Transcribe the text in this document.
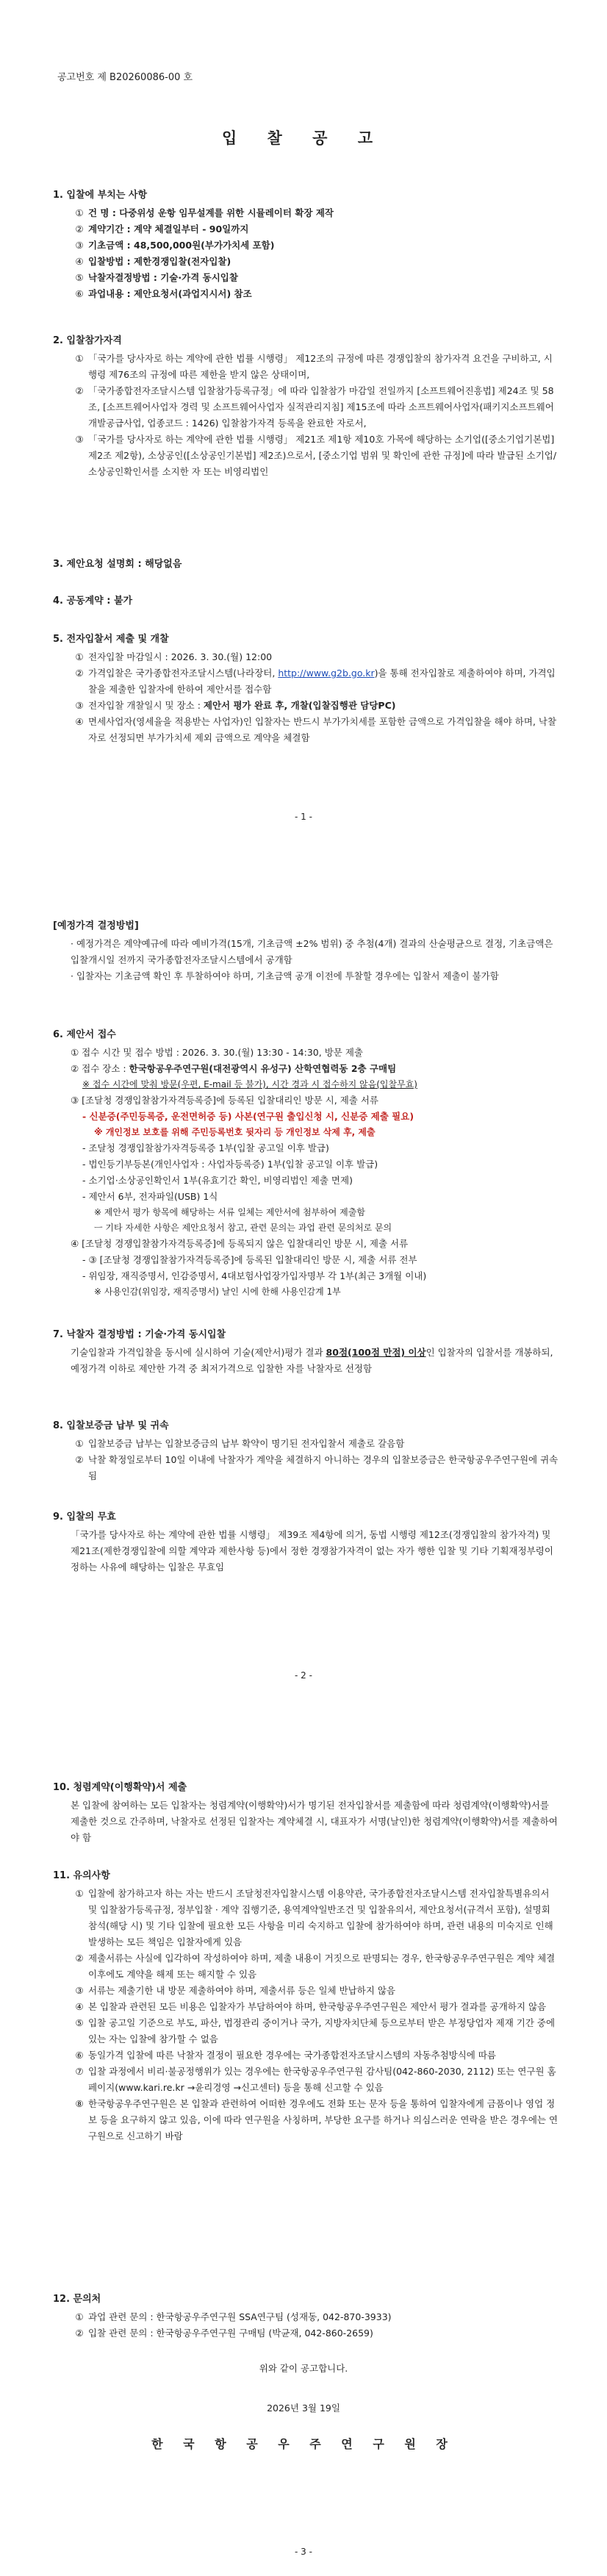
공고번호 제 B20260086-00 호
입 찰 공 고
1. 입찰에 부치는 사항
① 건 명 : 다중위성 운항 임무설계를 위한 시뮬레이터 확장 제작
② 계약기간 : 계약 체결일부터 - 90일까지
③ 기초금액 : 48,500,000원(부가가치세 포함)
④ 입찰방법 : 제한경쟁입찰(전자입찰)
⑤ 낙찰자결정방법 : 기술·가격 동시입찰
⑥ 과업내용 : 제안요청서(과업지시서) 참조
2. 입찰참가자격
① 「국가를 당사자로 하는 계약에 관한 법률 시행령」 제12조의 규정에 따른 경쟁입찰의 참가자격 요건을 구비하고, 시행령 제76조의 규정에 따른 제한을 받지 않은 상태이며,
② 「국가종합전자조달시스템 입찰참가등록규정」에 따라 입찰참가 마감일 전일까지 [소프트웨어진흥법] 제24조 및 58조, [소프트웨어사업자 경력 및 소프트웨어사업자 실적관리지침] 제15조에 따라 소프트웨어사업자(패키지소프트웨어 개발공급사업, 업종코드 : 1426) 입찰참가자격 등록을 완료한 자로서,
③ 「국가를 당사자로 하는 계약에 관한 법률 시행령」 제21조 제1항 제10호 가목에 해당하는 소기업([중소기업기본법] 제2조 제2항), 소상공인([소상공인기본법] 제2조)으로서, [중소기업 범위 및 확인에 관한 규정]에 따라 발급된 소기업/소상공인확인서를 소지한 자 또는 비영리법인
3. 제안요청 설명회 : 해당없음
4. 공동계약 : 불가
5. 전자입찰서 제출 및 개찰
① 전자입찰 마감일시 : 2026. 3. 30.(월) 12:00
② 가격입찰은 국가종합전자조달시스템(나라장터, http://www.g2b.go.kr)을 통해 전자입찰로 제출하여야 하며, 가격입찰을 제출한 입찰자에 한하여 제안서를 접수함
③ 전자입찰 개찰일시 및 장소 : 제안서 평가 완료 후, 개찰(입찰집행관 담당PC)
④ 면세사업자(영세율을 적용받는 사업자)인 입찰자는 반드시 부가가치세를 포함한 금액으로 가격입찰을 해야 하며, 낙찰자로 선정되면 부가가치세 제외 금액으로 계약을 체결함
- 1 -
[예정가격 결정방법]
· 예정가격은 계약예규에 따라 예비가격(15개, 기초금액 ±2% 범위) 중 추첨(4개) 결과의 산술평균으로 결정, 기초금액은 입찰개시일 전까지 국가종합전자조달시스템에서 공개함
· 입찰자는 기초금액 확인 후 투찰하여야 하며, 기초금액 공개 이전에 투찰할 경우에는 입찰서 제출이 불가함
6. 제안서 접수
① 접수 시간 및 접수 방법 : 2026. 3. 30.(월) 13:30 - 14:30, 방문 제출
② 접수 장소 : 한국항공우주연구원(대전광역시 유성구) 산학연협력동 2층 구매팀
※ 접수 시간에 맞춰 방문(우편, E-mail 등 불가), 시간 경과 시 접수하지 않음(입찰무효)
③ [조달청 경쟁입찰참가자격등록증]에 등록된 입찰대리인 방문 시, 제출 서류
- 신분증(주민등록증, 운전면허증 등) 사본(연구원 출입신청 시, 신분증 제출 필요)
※ 개인정보 보호를 위해 주민등록번호 뒷자리 등 개인정보 삭제 후, 제출
- 조달청 경쟁입찰참가자격등록증 1부(입찰 공고일 이후 발급)
- 법인등기부등본(개인사업자 : 사업자등록증) 1부(입찰 공고일 이후 발급)
- 소기업·소상공인확인서 1부(유효기간 확인, 비영리법인 제출 면제)
- 제안서 6부, 전자파일(USB) 1식
※ 제안서 평가 항목에 해당하는 서류 일체는 제안서에 첨부하여 제출함
ㅡ 기타 자세한 사항은 제안요청서 참고, 관련 문의는 과업 관련 문의처로 문의
④ [조달청 경쟁입찰참가자격등록증]에 등록되지 않은 입찰대리인 방문 시, 제출 서류
- ③ [조달청 경쟁입찰참가자격등록증]에 등록된 입찰대리인 방문 시, 제출 서류 전부
- 위임장, 재직증명서, 인감증명서, 4대보험사업장가입자명부 각 1부(최근 3개월 이내)
※ 사용인감(위임장, 재직증명서) 날인 시에 한해 사용인감계 1부
7. 낙찰자 결정방법 : 기술·가격 동시입찰
기술입찰과 가격입찰을 동시에 실시하여 기술(제안서)평가 결과 80점(100점 만점) 이상인 입찰자의 입찰서를 개봉하되, 예정가격 이하로 제안한 가격 중 최저가격으로 입찰한 자를 낙찰자로 선정함
8. 입찰보증금 납부 및 귀속
① 입찰보증금 납부는 입찰보증금의 납부 확약이 명기된 전자입찰서 제출로 갈음함
② 낙찰 확정일로부터 10일 이내에 낙찰자가 계약을 체결하지 아니하는 경우의 입찰보증금은 한국항공우주연구원에 귀속됨
9. 입찰의 무효
「국가를 당사자로 하는 계약에 관한 법률 시행령」 제39조 제4항에 의거, 동법 시행령 제12조(경쟁입찰의 참가자격) 및 제21조(제한경쟁입찰에 의할 계약과 제한사항 등)에서 정한 경쟁참가자격이 없는 자가 행한 입찰 및 기타 기획재정부령이 정하는 사유에 해당하는 입찰은 무효임
- 2 -
10. 청렴계약(이행확약)서 제출
본 입찰에 참여하는 모든 입찰자는 청렴계약(이행확약)서가 명기된 전자입찰서를 제출함에 따라 청렴계약(이행확약)서를 제출한 것으로 간주하며, 낙찰자로 선정된 입찰자는 계약체결 시, 대표자가 서명(날인)한 청렴계약(이행확약)서를 제출하여야 함
11. 유의사항
① 입찰에 참가하고자 하는 자는 반드시 조달청전자입찰시스템 이용약관, 국가종합전자조달시스템 전자입찰특별유의서 및 입찰참가등록규정, 정부입찰 · 계약 집행기준, 용역계약일반조건 및 입찰유의서, 제안요청서(규격서 포함), 설명회 참석(해당 시) 및 기타 입찰에 필요한 모든 사항을 미리 숙지하고 입찰에 참가하여야 하며, 관련 내용의 미숙지로 인해 발생하는 모든 책임은 입찰자에게 있음
② 제출서류는 사실에 입각하여 작성하여야 하며, 제출 내용이 거짓으로 판명되는 경우, 한국항공우주연구원은 계약 체결 이후에도 계약을 해제 또는 해지할 수 있음
③ 서류는 제출기한 내 방문 제출하여야 하며, 제출서류 등은 일체 반납하지 않음
④ 본 입찰과 관련된 모든 비용은 입찰자가 부담하여야 하며, 한국항공우주연구원은 제안서 평가 결과를 공개하지 않음
⑤ 입찰 공고일 기준으로 부도, 파산, 법정관리 중이거나 국가, 지방자치단체 등으로부터 받은 부정당업자 제재 기간 중에 있는 자는 입찰에 참가할 수 없음
⑥ 동일가격 입찰에 따른 낙찰자 결정이 필요한 경우에는 국가종합전자조달시스템의 자동추첨방식에 따름
⑦ 입찰 과정에서 비리·불공정행위가 있는 경우에는 한국항공우주연구원 감사팀(042-860-2030, 2112) 또는 연구원 홈페이지(www.kari.re.kr →윤리경영 →신고센터) 등을 통해 신고할 수 있음
⑧ 한국항공우주연구원은 본 입찰과 관련하여 어떠한 경우에도 전화 또는 문자 등을 통하여 입찰자에게 금품이나 영업 정보 등을 요구하지 않고 있음, 이에 따라 연구원을 사칭하며, 부당한 요구를 하거나 의심스러운 연락을 받은 경우에는 연구원으로 신고하기 바람
12. 문의처
① 과업 관련 문의 : 한국항공우주연구원 SSA연구팀 (성재동, 042-870-3933)
② 입찰 관련 문의 : 한국항공우주연구원 구매팀 (박균재, 042-860-2659)
위와 같이 공고합니다.
2026년 3월 19일
한 국 항 공 우 주 연 구 원 장
- 3 -
